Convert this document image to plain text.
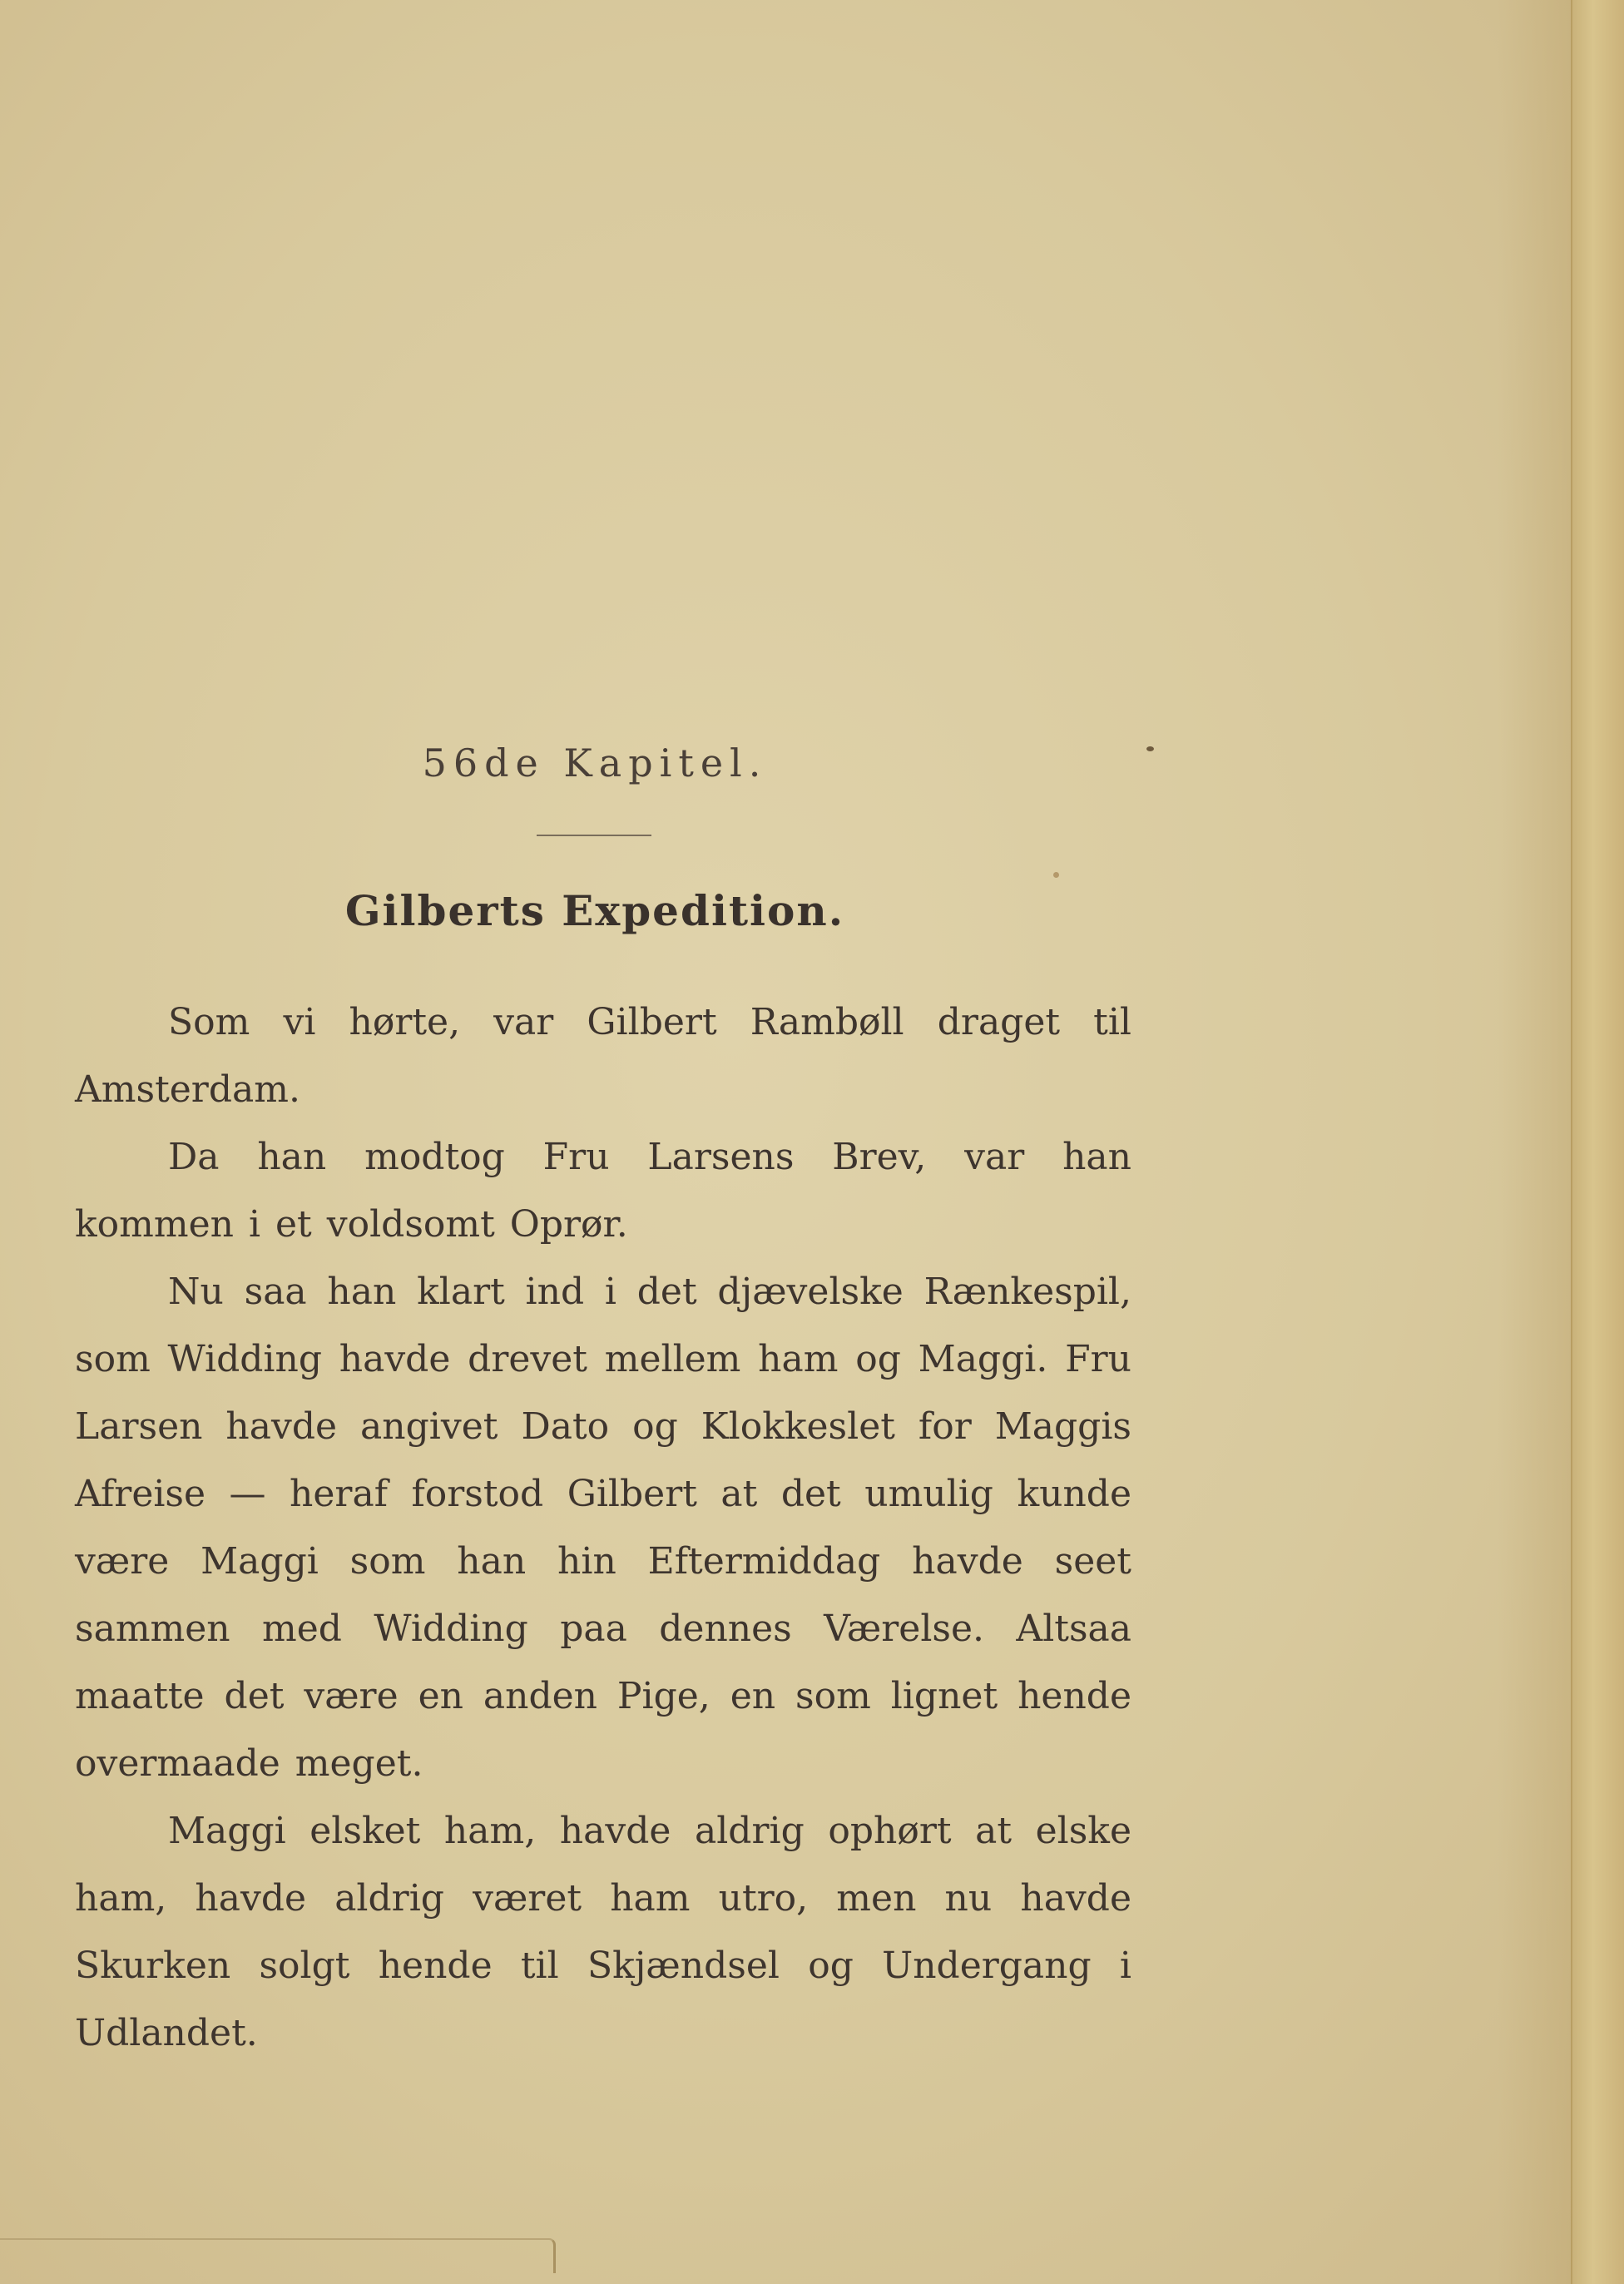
56de Kapitel.
Gilberts Expedition.

Som vi hørte, var Gilbert Rambøll draget til Amsterdam.

Da han modtog Fru Larsens Brev, var han kommen i et voldsomt Oprør.

Nu saa han klart ind i det djævelske Rænkespil, som Widding havde drevet mellem ham og Maggi. Fru Larsen havde angivet Dato og Klokkeslet for Maggis Afreise — heraf forstod Gilbert at det umulig kunde være Maggi som han hin Eftermiddag havde seet sammen med Widding paa dennes Værelse. Altsaa maatte det være en anden Pige, en som lignet hende overmaade meget.

Maggi elsket ham, havde aldrig ophørt at elske ham, havde aldrig været ham utro, men nu havde Skurken solgt hende til Skjændsel og Undergang i Udlandet.
